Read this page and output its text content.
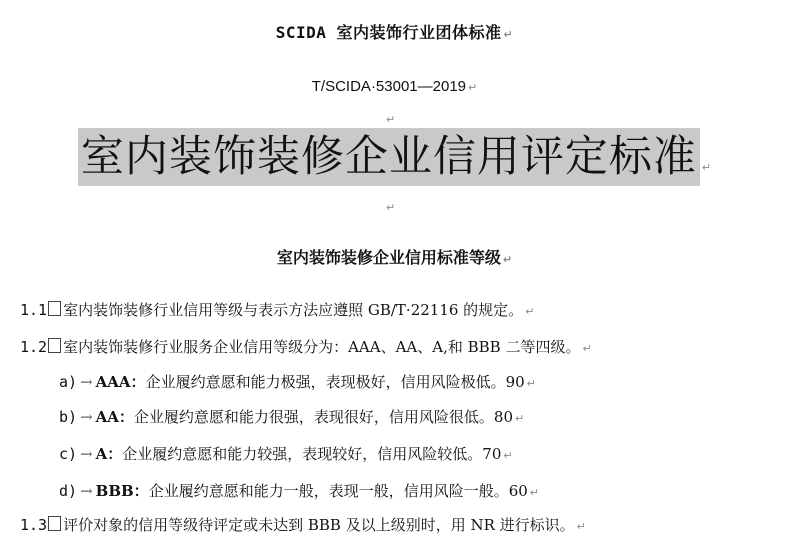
SCIDA 室内装饰行业团体标准 ↵
T/SCIDA·53001—2019 ↵
↵
室内装饰装修企业信用评定标准 ↵
↵
室内装饰装修企业信用标准等级 ↵
1.1 室内装饰装修行业信用等级与表示方法应遵照 GB/T·22116 的规定。 ↵
1.2 室内装饰装修行业服务企业信用等级分为：AAA、AA、A,和 BBB 二等四级。 ↵
a) → AAA：企业履约意愿和能力极强，表现极好，信用风险极低。90 ↵
b) → AA：企业履约意愿和能力很强，表现很好，信用风险很低。80 ↵
c) → A：企业履约意愿和能力较强，表现较好，信用风险较低。70 ↵
d) → BBB：企业履约意愿和能力一般，表现一般，信用风险一般。60 ↵
1.3 评价对象的信用等级待评定或未达到 BBB 及以上级别时，用 NR 进行标识。 ↵
